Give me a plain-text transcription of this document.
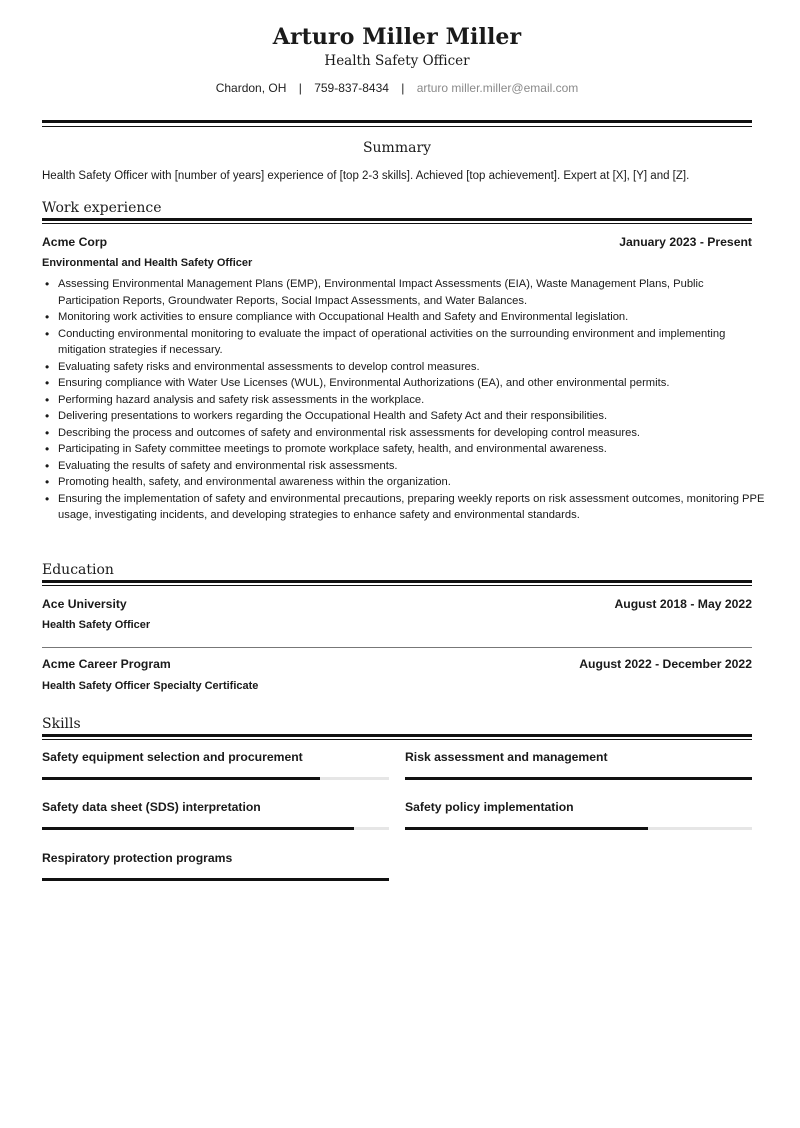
Arturo Miller Miller
Health Safety Officer
Chardon, OH | 759-837-8434 | arturo miller.miller@email.com
Summary
Health Safety Officer with [number of years] experience of [top 2-3 skills]. Achieved [top achievement]. Expert at [X], [Y] and [Z].
Work experience
Acme Corp	January 2023 - Present
Environmental and Health Safety Officer
• Assessing Environmental Management Plans (EMP), Environmental Impact Assessments (EIA), Waste Management Plans, Public Participation Reports, Groundwater Reports, Social Impact Assessments, and Water Balances.
• Monitoring work activities to ensure compliance with Occupational Health and Safety and Environmental legislation.
• Conducting environmental monitoring to evaluate the impact of operational activities on the surrounding environment and implementing mitigation strategies if necessary.
• Evaluating safety risks and environmental assessments to develop control measures.
• Ensuring compliance with Water Use Licenses (WUL), Environmental Authorizations (EA), and other environmental permits.
• Performing hazard analysis and safety risk assessments in the workplace.
• Delivering presentations to workers regarding the Occupational Health and Safety Act and their responsibilities.
• Describing the process and outcomes of safety and environmental risk assessments for developing control measures.
• Participating in Safety committee meetings to promote workplace safety, health, and environmental awareness.
• Evaluating the results of safety and environmental risk assessments.
• Promoting health, safety, and environmental awareness within the organization.
• Ensuring the implementation of safety and environmental precautions, preparing weekly reports on risk assessment outcomes, monitoring PPE usage, investigating incidents, and developing strategies to enhance safety and environmental standards.
Education
Ace University	August 2018 - May 2022
Health Safety Officer
Acme Career Program	August 2022 - December 2022
Health Safety Officer Specialty Certificate
Skills
Safety equipment selection and procurement	Risk assessment and management
Safety data sheet (SDS) interpretation	Safety policy implementation
Respiratory protection programs
